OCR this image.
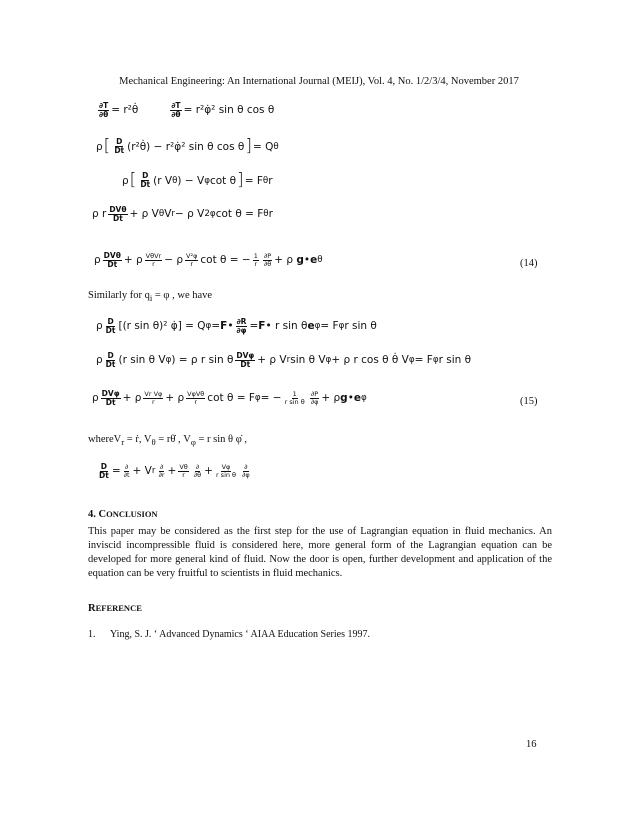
Mechanical Engineering: An International Journal (MEIJ), Vol. 4, No. 1/2/3/4, November 2017
$\frac{\partial T}{\partial\theta}$ = r²θ̇	$\frac{\partial T}{\partial\theta}$ = r²φ̇² sin θ cos θ
ρ [ $\frac{D}{Dt}$ (r²θ̇) − r²φ̇² sin θ cos θ ] = Q θ
ρ [ $\frac{D}{Dt} (r$ V θ ) − V φ cot θ ] = F θ r
ρ r $\frac{\text{DVθ}}{Dt} + \rho$ V θ V r − ρ V 2 φ cot θ = F θ r
ρ $\frac{\text{DVθ}}{Dt} + \rho \frac{\text{VθVr}}{r} - \rho \frac{\text{V²φ}}{r}$ cot θ = − $\frac{1}{r} \frac{\partial P}{\partial\theta} + \rho$
g • e θ	(14)
Similarly for $q_i = \varphi$ , we have
ρ $\frac{D}{Dt} [(r$ sin θ)² φ̇] = Q φ = F • $\frac{\partial R}{\partial\varphi} = F$ • r sin θ e φ = F φ r sin θ
ρ $\frac{D}{Dt} (r$ sin θ V φ ) = ρ r sin θ $\frac{\text{DVφ}}{Dt} + \rho$ V r sin θ V φ + ρ r cos θ θ̇ V φ = F φ r sin θ
ρ $\frac{\text{DVφ}}{Dt} + \rho \frac{\text{Vr Vφ}}{r} + \rho \frac{\text{VφVθ}}{r}$ cot θ = F φ = − $\frac{1}{\text{r sin θ}} \frac{\partial P}{\partial\varphi} + \rho$ g • e φ	(15)
whereV$_r$ = ṙ, $V_\theta$ = rθ̇ , $V_\varphi = r$ sin θ φ̇ ,
$\frac{D}{Dt} = \frac{\partial}{\partial t} + V$ r $\frac{\partial}{\partial r} + \frac{V\theta}{r} \frac{\partial}{\partial\theta} + \frac{V\varphi}{\text{r sin θ}} \frac{\partial}{\partial\varphi}$
4. CONCLUSION
This paper may be considered as the first step for the use of Lagrangian equation in fluid mechanics. An inviscid incompressible fluid is considered here, more general form of the Lagrangian equation can be developed for more general kind of fluid. Now the door is open, further development and application of the equation can be very fruitful to scientists in fluid mechanics.
REFERENCE
1. Ying, S. J. ‘ Advanced Dynamics ‘ AIAA Education Series 1997.
16
